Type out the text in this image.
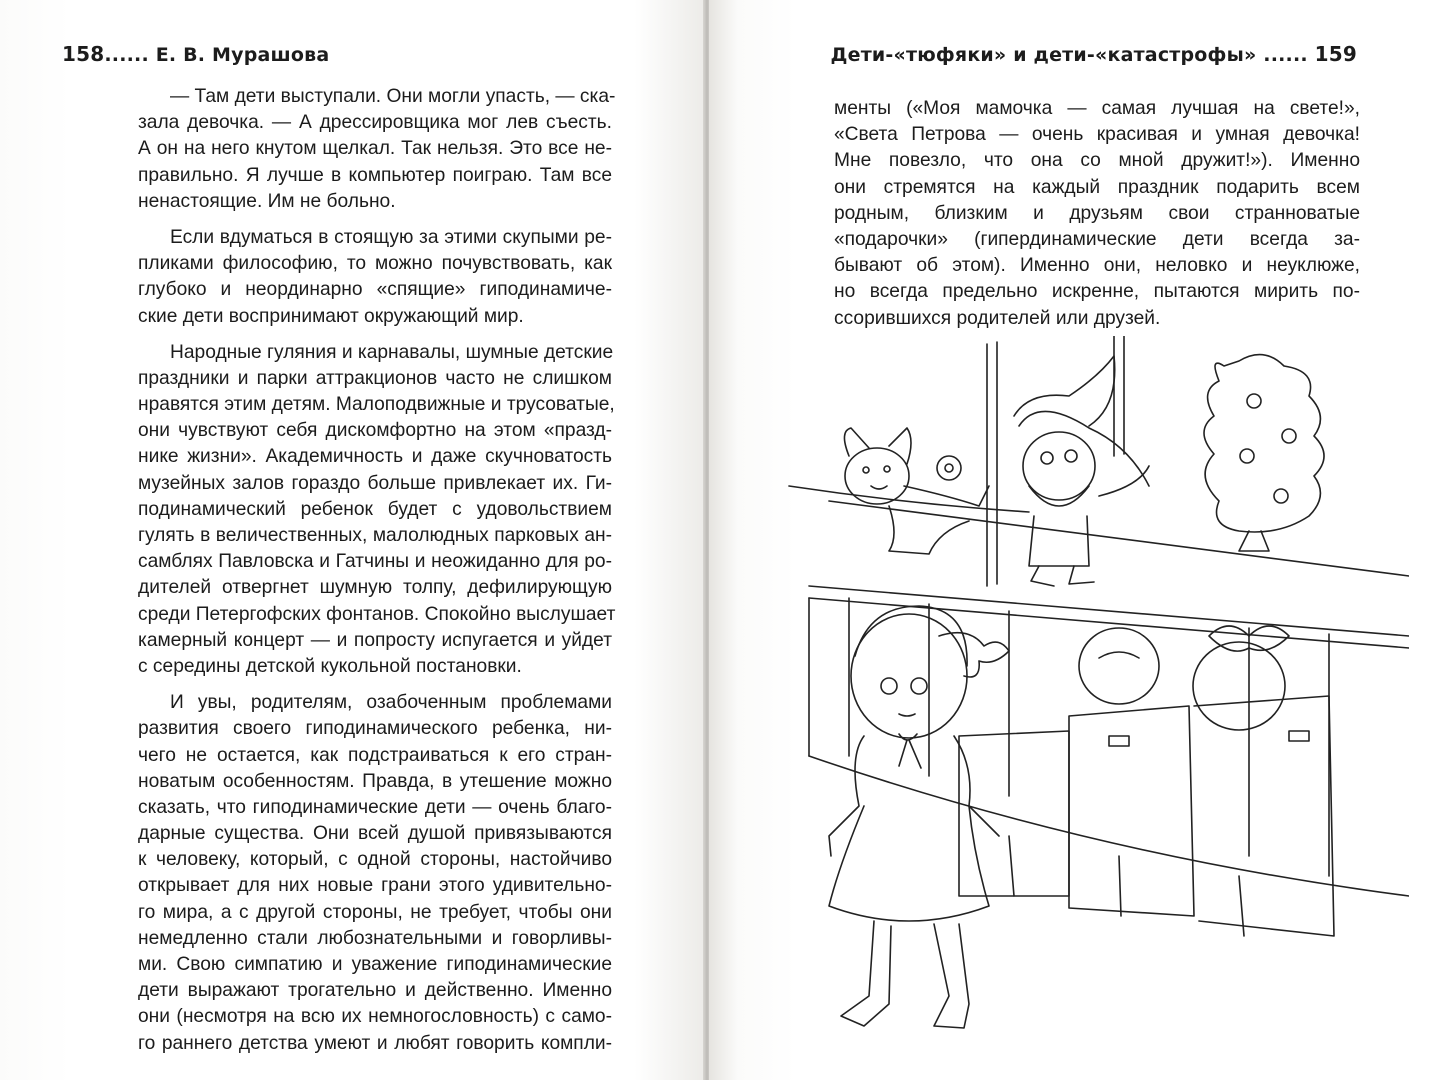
158...... Е. В. Мурашова
— Там дети выступали. Они могли упасть, — ска-
зала девочка. — А дрессировщика мог лев съесть.
А он на него кнутом щелкал. Так нельзя. Это все не-
правильно. Я лучше в компьютер поиграю. Там все
ненастоящие. Им не больно.
Если вдуматься в стоящую за этими скупыми ре-
пликами философию, то можно почувствовать, как
глубоко и неординарно «спящие» гиподинамиче-
ские дети воспринимают окружающий мир.
Народные гуляния и карнавалы, шумные детские
праздники и парки аттракционов часто не слишком
нравятся этим детям. Малоподвижные и трусоватые,
они чувствуют себя дискомфортно на этом «празд-
нике жизни». Академичность и даже скучноватость
музейных залов гораздо больше привлекает их. Ги-
подинамический ребенок будет с удовольствием
гулять в величественных, малолюдных парковых ан-
самблях Павловска и Гатчины и неожиданно для ро-
дителей отвергнет шумную толпу, дефилирующую
среди Петергофских фонтанов. Спокойно выслушает
камерный концерт — и попросту испугается и уйдет
с середины детской кукольной постановки.
И увы, родителям, озабоченным проблемами
развития своего гиподинамического ребенка, ни-
чего не остается, как подстраиваться к его стран-
новатым особенностям. Правда, в утешение можно
сказать, что гиподинамические дети — очень благо-
дарные существа. Они всей душой привязываются
к человеку, который, с одной стороны, настойчиво
открывает для них новые грани этого удивительно-
го мира, а с другой стороны, не требует, чтобы они
немедленно стали любознательными и говорливы-
ми. Свою симпатию и уважение гиподинамические
дети выражают трогательно и действенно. Именно
они (несмотря на всю их немногословность) с само-
го раннего детства умеют и любят говорить компли-
Дети-«тюфяки» и дети-«катастрофы» ...... 159
менты («Моя мамочка — самая лучшая на свете!»,
«Света Петрова — очень красивая и умная девочка!
Мне повезло, что она со мной дружит!»). Именно
они стремятся на каждый праздник подарить всем
родным, близким и друзьям свои странноватые
«подарочки» (гипердинамические дети всегда за-
бывают об этом). Именно они, неловко и неуклюже,
но всегда предельно искренне, пытаются мирить по-
ссорившихся родителей или друзей.
